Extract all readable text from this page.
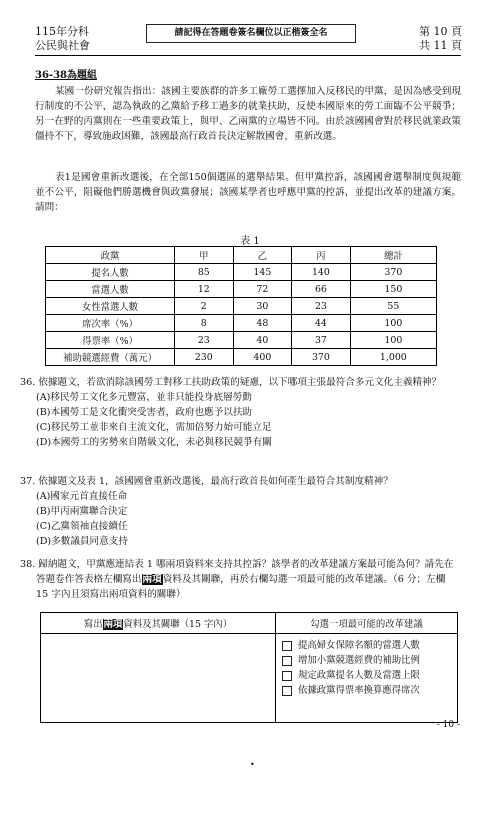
115年分科
公民與社會
請記得在答題卷簽名欄位以正楷簽全名	第 10 頁
共 11 頁
36-38為題組

某國一份研究報告指出：該國主要族群的許多工廠勞工選擇加入反移民的甲黨，是因為感受到現行制度的不公平，認為執政的乙黨給予移工過多的就業扶助，反使本國原來的勞工面臨不公平競爭；另一在野的丙黨則在一些重要政策上，與甲、乙兩黨的立場皆不同。由於該國國會對於移民就業政策僵持不下，導致施政困難，該國最高行政首長決定解散國會，重新改選。

表1是國會重新改選後，在全部150個選區的選舉結果。但甲黨控訴，該國國會選舉制度與規範並不公平，阻礙他們勝選機會與政黨發展；該國某學者也呼應甲黨的控訴，並提出改革的建議方案。請問：

表 1
政黨	甲	乙	丙	總計
提名人數	85	145	140	370
當選人數	12	72	66	150
女性當選人數	2	30	23	55
席次率（%）	8	48	44	100
得票率（%）	23	40	37	100
補助競選經費（萬元）	230	400	370	1,000
36. 依據題文，若欲消除該國勞工對移工扶助政策的疑慮，以下哪項主張最符合多元文化主義精神？
(A)移民勞工文化多元豐富，並非只能投身底層勞動
(B)本國勞工是文化衝突受害者，政府也應予以扶助
(C)移民勞工並非來自主流文化，需加倍努力始可能立足
(D)本國勞工的劣勢來自階級文化，未必與移民競爭有關
37. 依據題文及表 1，該國國會重新改選後，最高行政首長如何產生最符合其制度精神？
(A)國家元首直接任命
(B)甲丙兩黨聯合決定
(C)乙黨領袖直接續任
(D)多數議員同意支持
38. 歸納題文，甲黨應連結表 1 哪兩項資料來支持其控訴？該學者的改革建議方案最可能為何？請先在答題卷作答表格左欄寫出兩項資料及其關聯，再於右欄勾選一項最可能的改革建議。（6 分；左欄 15 字內且須寫出兩項資料的關聯）
寫出兩項資料及其關聯（15 字內）	勾選一項最可能的改革建議

	提高婦女保障名額的當選人數
增加小黨競選經費的補助比例
規定政黨提名人數及當選上限
依據政黨得票率換算應得席次
- 10 -
•
